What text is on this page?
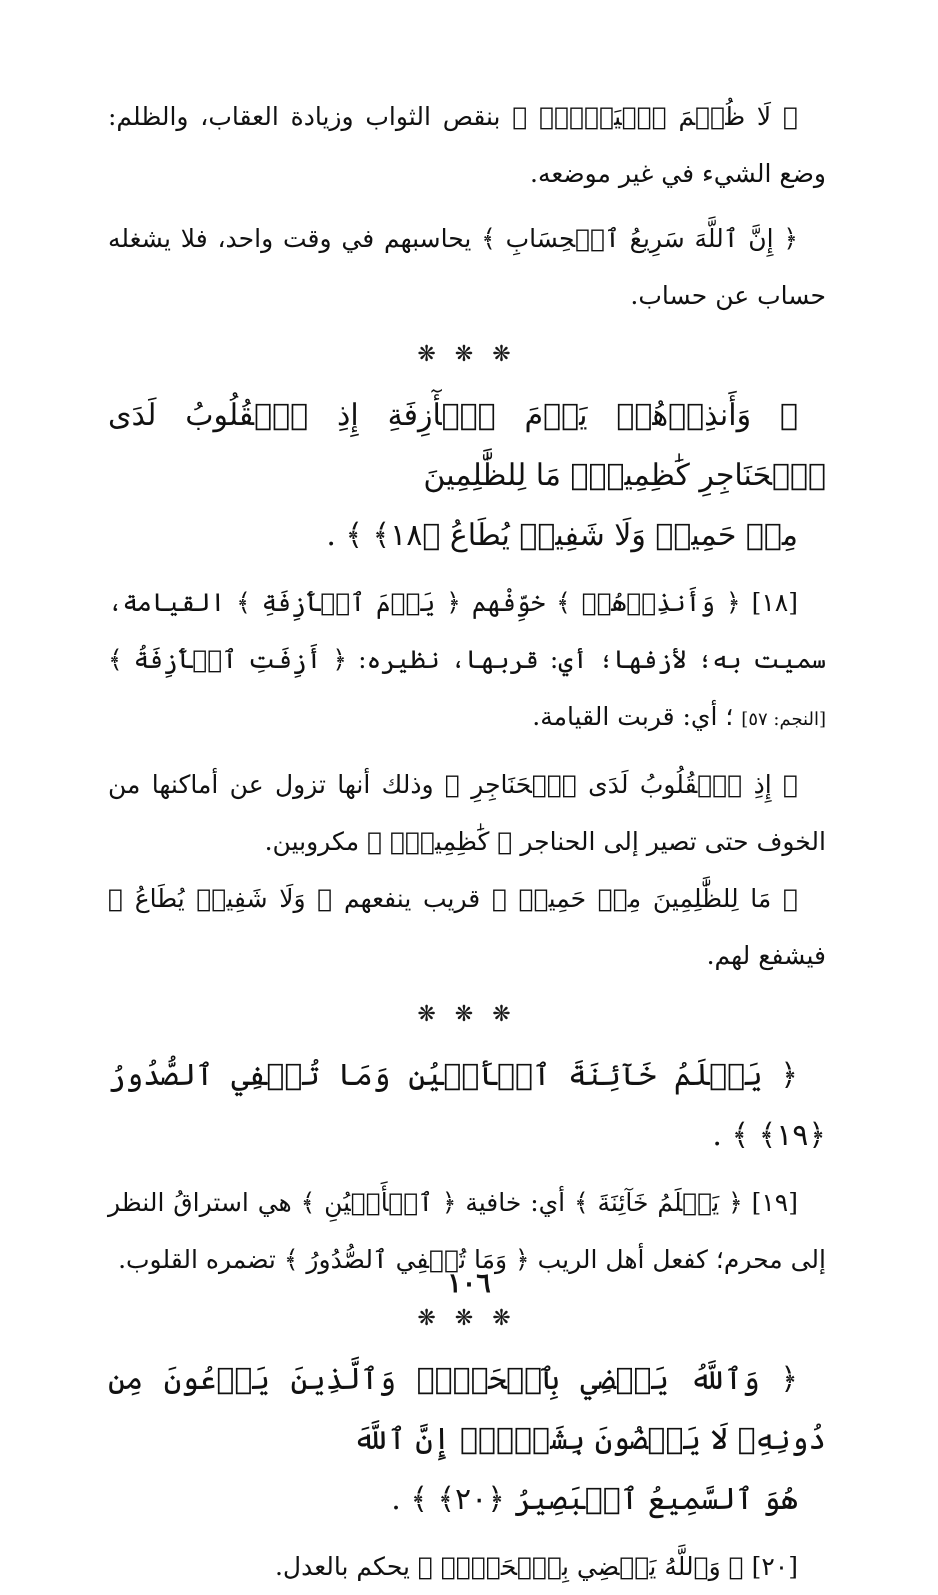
﴿ لَا ظُلۡمَ ٱلۡيَوۡمَۚ ﴾ بنقص الثواب وزيادة العقاب، والظلم: وضع الشيء في غير موضعه.

﴿ إِنَّ ٱللَّهَ سَرِيعُ ٱلۡحِسَابِ ﴾ يحاسبهم في وقت واحد، فلا يشغله حساب عن حساب.

❋ ❋ ❋
﴿ وَأَنذِرۡهُمۡ يَوۡمَ ٱلۡأٓزِفَةِ إِذِ ٱلۡقُلُوبُ لَدَى ٱلۡحَنَاجِرِ كَٰظِمِينَۚ مَا لِلظَّٰلِمِينَ
مِنۡ حَمِيمٖ وَلَا شَفِيعٖ يُطَاعُ ﴿١٨﴾ ﴾ .

[١٨] ﴿ وَأَنذِرۡهُمۡ ﴾ خوِّفْهم ﴿ يَوۡمَ ٱلۡأٓزِفَةِ ﴾ القيامة، سميت به؛ لأزفها؛ أي: قربها، نظيره: ﴿ أَزِفَتِ ٱلۡأٓزِفَةُ ﴾ [النجم: ٥٧] ؛ أي: قربت القيامة.

﴿ إِذِ ٱلۡقُلُوبُ لَدَى ٱلۡحَنَاجِرِ ﴾ وذلك أنها تزول عن أماكنها من الخوف حتى تصير إلى الحناجر ﴿ كَٰظِمِينَۚ ﴾ مكروبين.

﴿ مَا لِلظَّٰلِمِينَ مِنۡ حَمِيمٖ ﴾ قريب ينفعهم ﴿ وَلَا شَفِيعٖ يُطَاعُ ﴾ فيشفع لهم.

❋ ❋ ❋
﴿ يَعۡلَمُ خَآئِنَةَ ٱلۡأَعۡيُنِ وَمَا تُخۡفِي ٱلصُّدُورُ ﴿١٩﴾ ﴾ .

[١٩] ﴿ يَعۡلَمُ خَآئِنَةَ ﴾ أي: خافية ﴿ ٱلۡأَعۡيُنِ ﴾ هي استراقُ النظر إلى محرم؛ كفعل أهل الريب ﴿ وَمَا تُخۡفِي ٱلصُّدُورُ ﴾ تضمره القلوب.

❋ ❋ ❋
﴿ وَٱللَّهُ يَقۡضِي بِٱلۡحَقِّۖ وَٱلَّذِينَ يَدۡعُونَ مِن دُونِهِۦ لَا يَقۡضُونَ بِشَيۡءٍۗ إِنَّ ٱللَّهَ
هُوَ ٱلسَّمِيعُ ٱلۡبَصِيرُ ﴿٢٠﴾ ﴾ .

[٢٠] ﴿ وَٱللَّهُ يَقۡضِي بِٱلۡحَقِّۖ ﴾ يحكم بالعدل.

١٠٦
